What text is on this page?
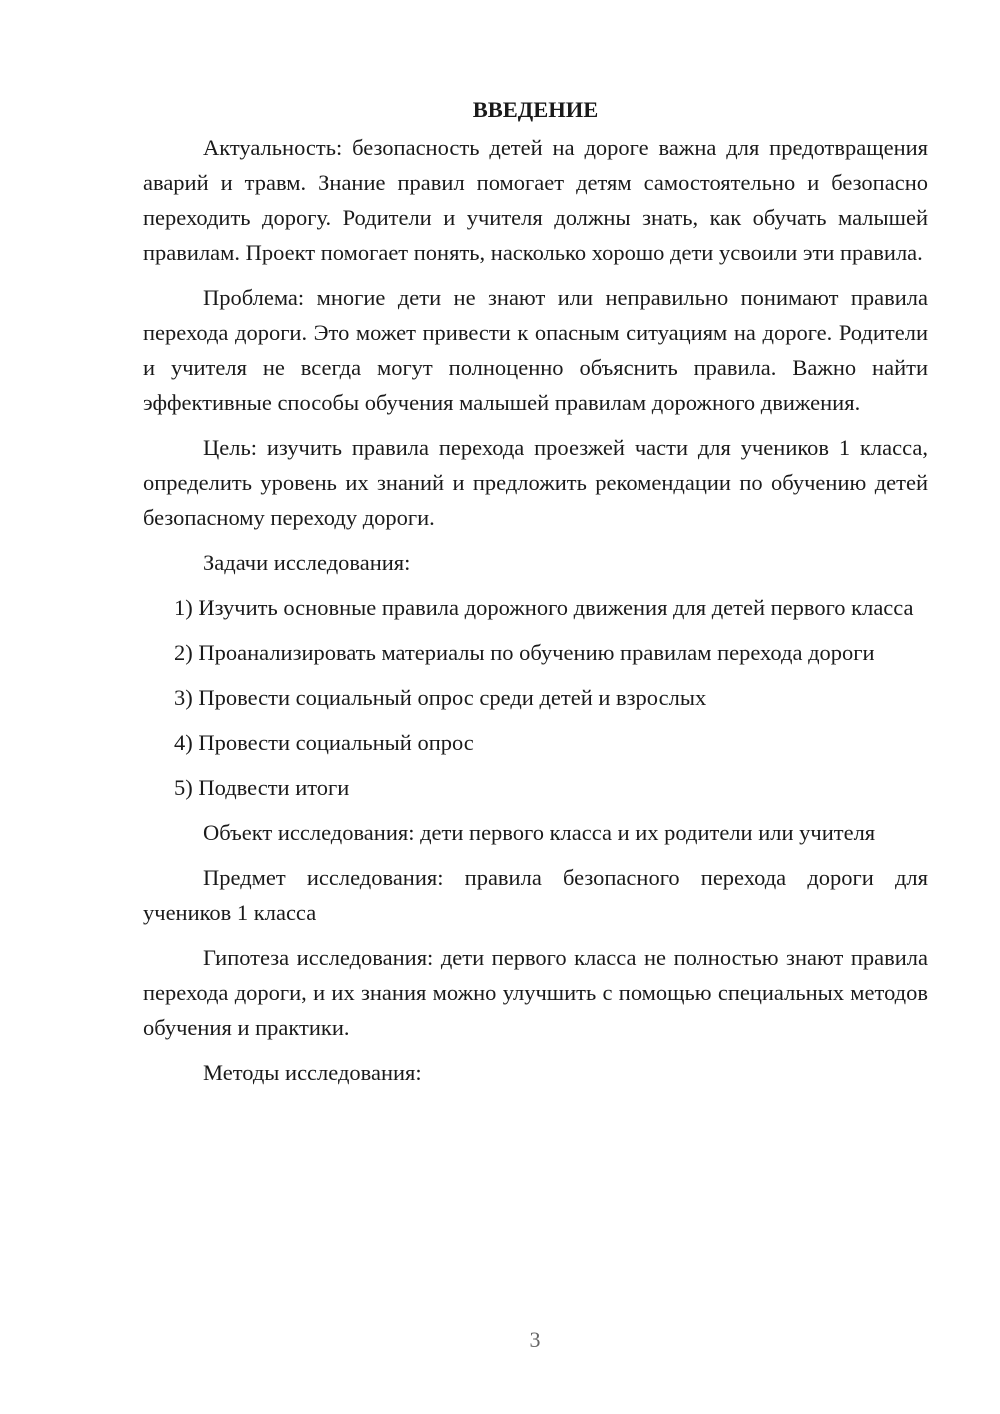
ВВЕДЕНИЕ

Актуальность: безопасность детей на дороге важна для предотвращения аварий и травм. Знание правил помогает детям самостоятельно и безопасно переходить дорогу. Родители и учителя должны знать, как обучать малышей правилам. Проект помогает понять, насколько хорошо дети усвоили эти правила.

Проблема: многие дети не знают или неправильно понимают правила перехода дороги. Это может привести к опасным ситуациям на дороге. Родители и учителя не всегда могут полноценно объяснить правила. Важно найти эффективные способы обучения малышей правилам дорожного движения.

Цель: изучить правила перехода проезжей части для учеников 1 класса, определить уровень их знаний и предложить рекомендации по обучению детей безопасному переходу дороги.

Задачи исследования:

1) Изучить основные правила дорожного движения для детей первого класса

2) Проанализировать материалы по обучению правилам перехода дороги

3) Провести социальный опрос среди детей и взрослых

4) Провести социальный опрос

5) Подвести итоги

Объект исследования: дети первого класса и их родители или учителя

Предмет исследования: правила безопасного перехода дороги для учеников 1 класса

Гипотеза исследования: дети первого класса не полностью знают правила перехода дороги, и их знания можно улучшить с помощью специальных методов обучения и практики.

Методы исследования:

3
